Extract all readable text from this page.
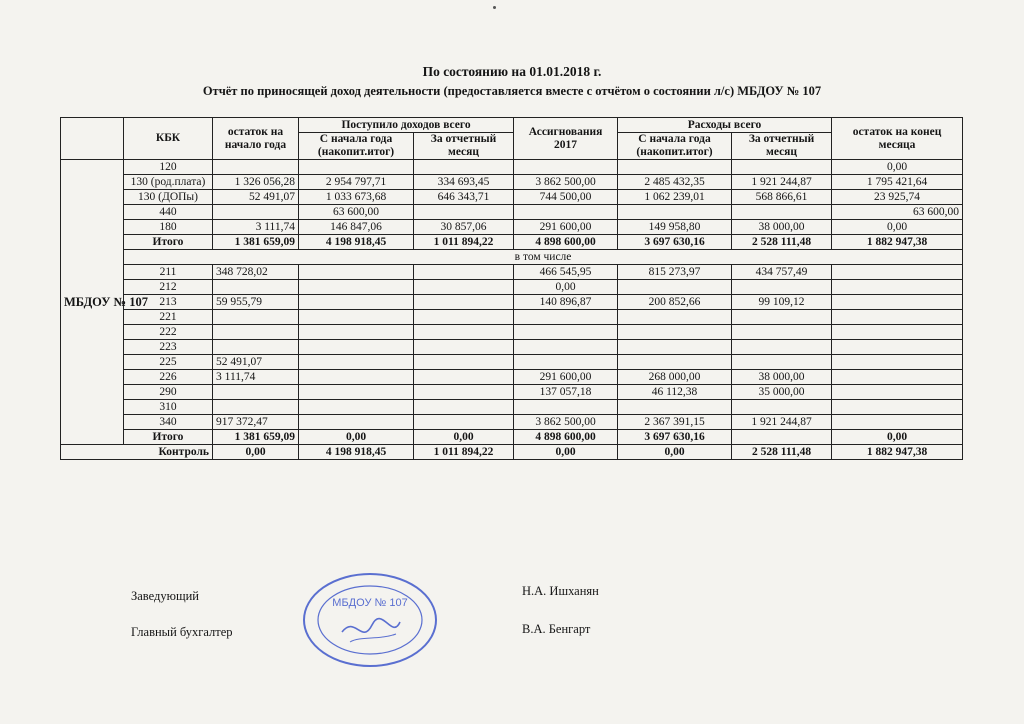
По состоянию на 01.01.2018 г.
Отчёт по приносящей доход деятельности (предоставляется вместе с отчётом о состоянии л/с) МБДОУ № 107
	КБК	остаток на начало года	Поступило доходов всего		Ассигнования 2017	Расходы всего		остаток на конец месяца
			С начала года (накопит.итог)	За отчетный месяц		С начала года (накопит.итог)	За отчетный месяц	
МБДОУ № 107	120							0,00
	130 (род.плата)	1 326 056,28	2 954 797,71	334 693,45	3 862 500,00	2 485 432,35	1 921 244,87	1 795 421,64
	130 (ДОПы)	52 491,07	1 033 673,68	646 343,71	744 500,00	1 062 239,01	568 866,61	23 925,74
	440		63 600,00					63 600,00
	180	3 111,74	146 847,06	30 857,06	291 600,00	149 958,80	38 000,00	0,00
	Итого	1 381 659,09	4 198 918,45	1 011 894,22	4 898 600,00	3 697 630,16	2 528 111,48	1 882 947,38
	в том числе							
	211	348 728,02			466 545,95	815 273,97	434 757,49	
	212				0,00			
	213	59 955,79			140 896,87	200 852,66	99 109,12	
	221							
	222							
	223							
	225	52 491,07						
	226	3 111,74			291 600,00	268 000,00	38 000,00	
	290				137 057,18	46 112,38	35 000,00	
	310							
	340	917 372,47			3 862 500,00	2 367 391,15	1 921 244,87	
	Итого	1 381 659,09	0,00	0,00	4 898 600,00	3 697 630,16		0,00
Контроль		0,00	4 198 918,45	1 011 894,22	0,00	0,00	2 528 111,48	1 882 947,38
МБДОУ № 107
Заведующий	Н.А. Ишханян
Главный бухгалтер	В.А. Бенгарт
